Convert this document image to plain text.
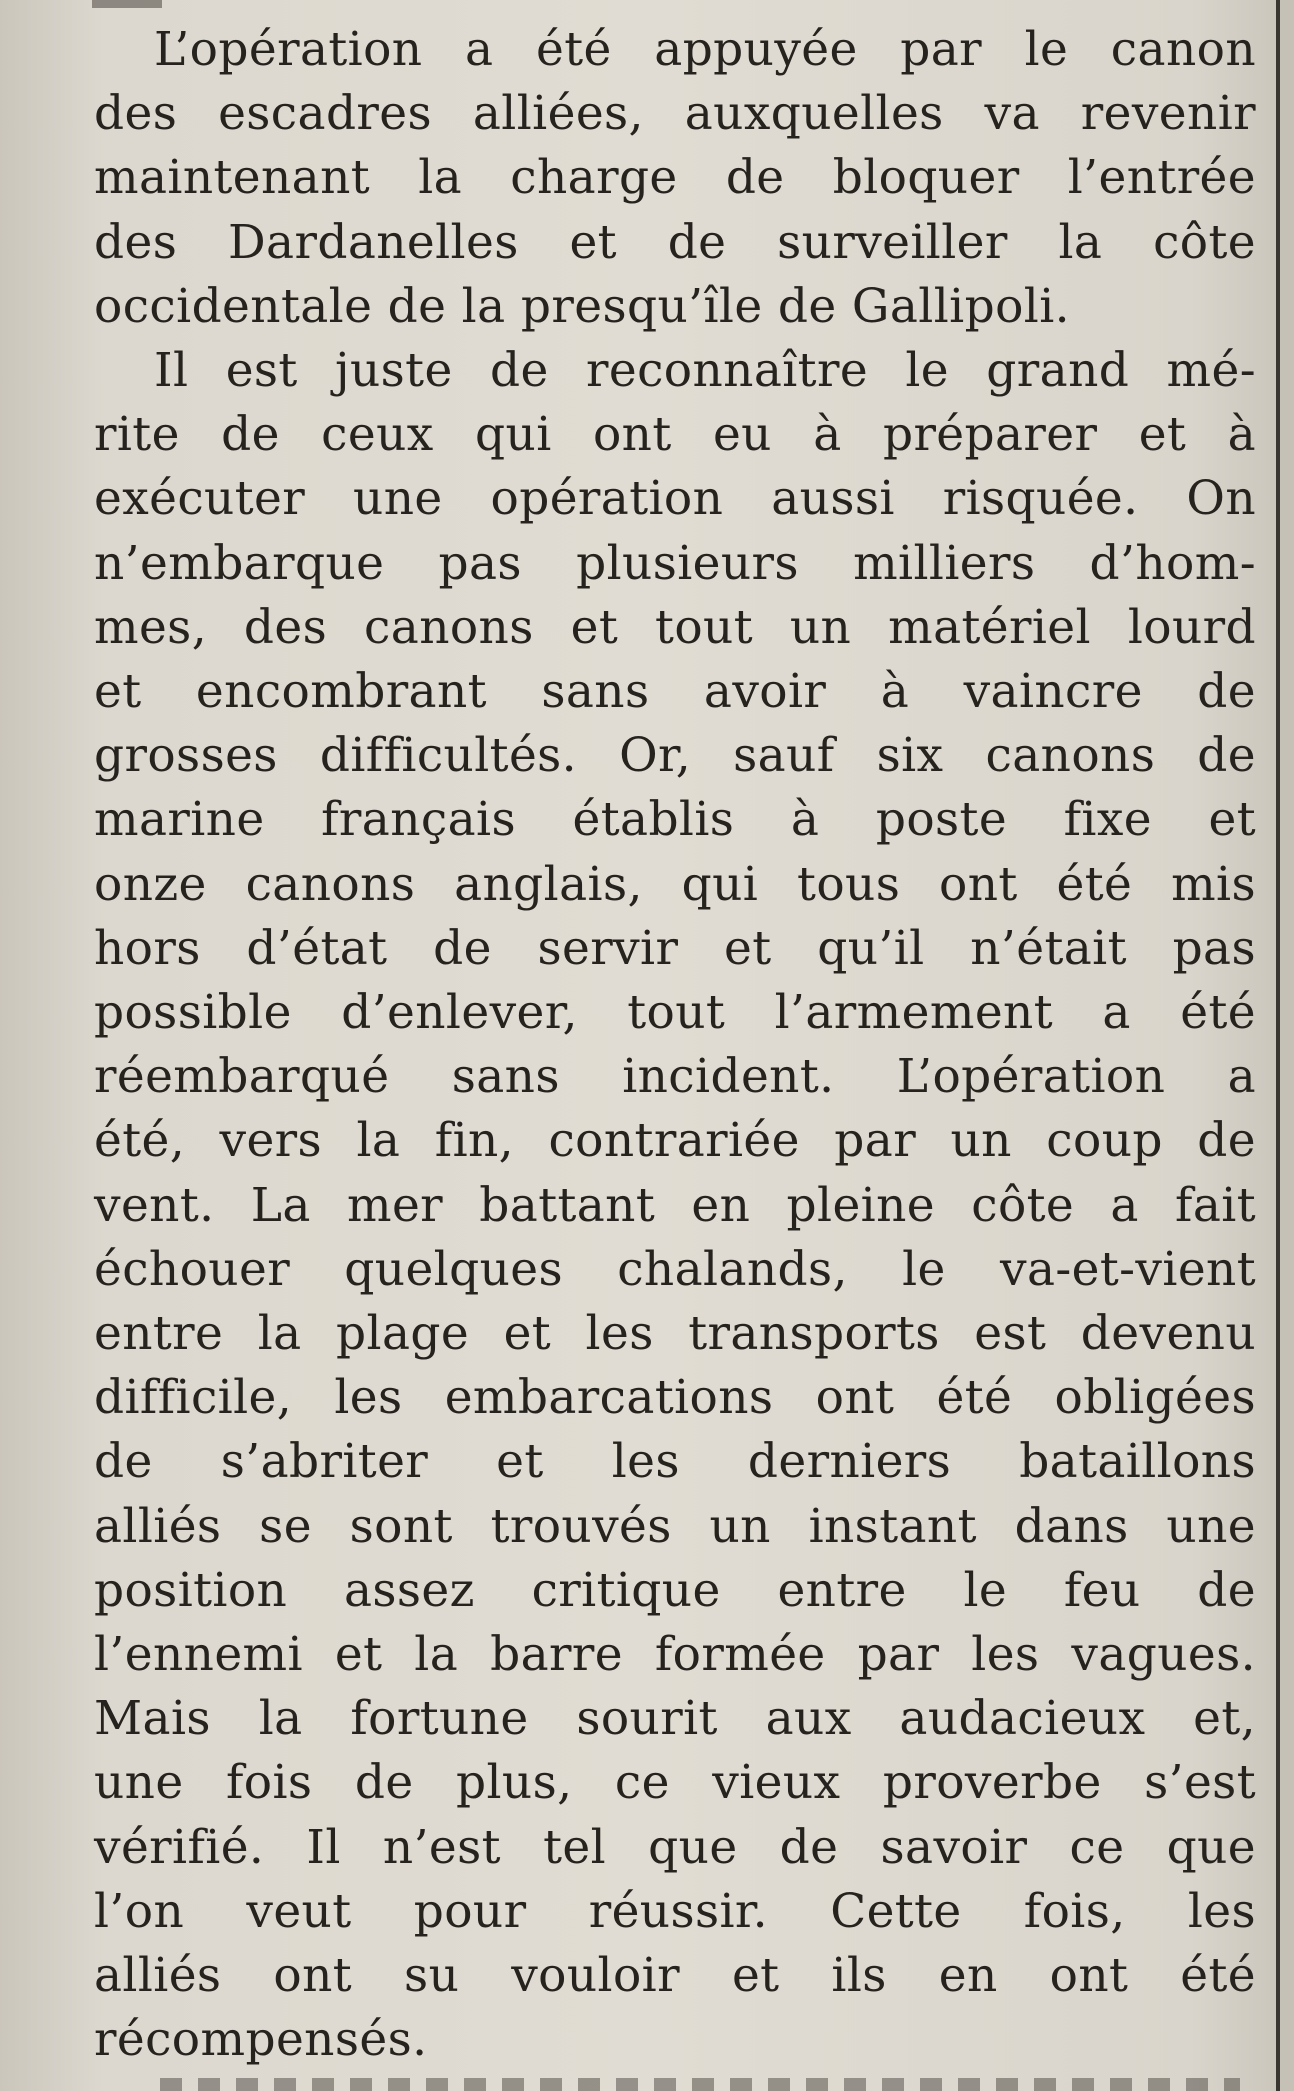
L’opération a été appuyée par le canon
des escadres alliées, auxquelles va revenir
maintenant la charge de bloquer l’entrée
des Dardanelles et de surveiller la côte
occidentale de la presqu’île de Gallipoli.

Il est juste de reconnaître le grand mé-
rite de ceux qui ont eu à préparer et à
exécuter une opération aussi risquée. On
n’embarque pas plusieurs milliers d’hom-
mes, des canons et tout un matériel lourd
et encombrant sans avoir à vaincre de
grosses difficultés. Or, sauf six canons de
marine français établis à poste fixe et
onze canons anglais, qui tous ont été mis
hors d’état de servir et qu’il n’était pas
possible d’enlever, tout l’armement a été
réembarqué sans incident. L’opération a
été, vers la fin, contrariée par un coup de
vent. La mer battant en pleine côte a fait
échouer quelques chalands, le va-et-vient
entre la plage et les transports est devenu
difficile, les embarcations ont été obligées
de s’abriter et les derniers bataillons
alliés se sont trouvés un instant dans une
position assez critique entre le feu de
l’ennemi et la barre formée par les vagues.
Mais la fortune sourit aux audacieux et,
une fois de plus, ce vieux proverbe s’est
vérifié. Il n’est tel que de savoir ce que
l’on veut pour réussir. Cette fois, les
alliés ont su vouloir et ils en ont été
récompensés.
